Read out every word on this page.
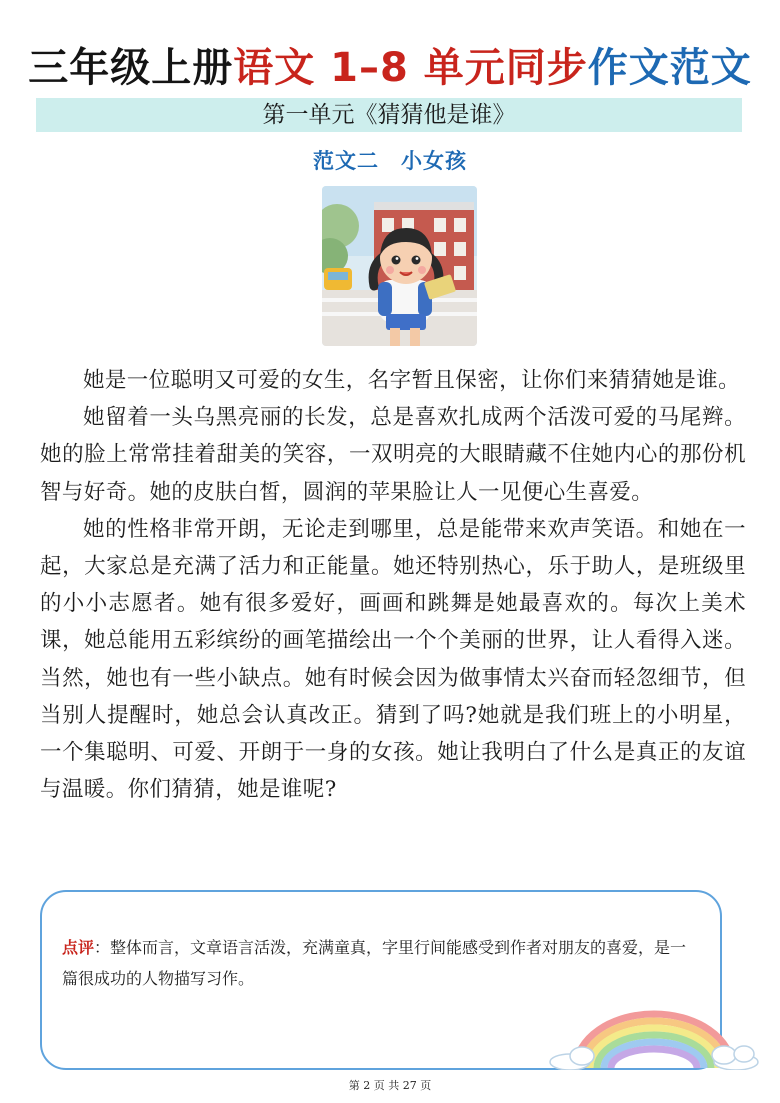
三年级上册语文 1–8 单元同步作文范文
第一单元《猜猜他是谁》
范文二　小女孩

她是一位聪明又可爱的女生，名字暂且保密，让你们来猜猜她是谁。

她留着一头乌黑亮丽的长发，总是喜欢扎成两个活泼可爱的马尾辫。她的脸上常常挂着甜美的笑容，一双明亮的大眼睛藏不住她内心的那份机智与好奇。她的皮肤白皙，圆润的苹果脸让人一见便心生喜爱。

她的性格非常开朗，无论走到哪里，总是能带来欢声笑语。和她在一起，大家总是充满了活力和正能量。她还特别热心，乐于助人，是班级里的小小志愿者。她有很多爱好，画画和跳舞是她最喜欢的。每次上美术课，她总能用五彩缤纷的画笔描绘出一个个美丽的世界，让人看得入迷。当然，她也有一些小缺点。她有时候会因为做事情太兴奋而轻忽细节，但当别人提醒时，她总会认真改正。猜到了吗?她就是我们班上的小明星，一个集聪明、可爱、开朗于一身的女孩。她让我明白了什么是真正的友谊与温暖。你们猜猜，她是谁呢?

点评：整体而言，文章语言活泼，充满童真，字里行间能感受到作者对朋友的喜爱，是一篇很成功的人物描写习作。
第 2 页 共 27 页
